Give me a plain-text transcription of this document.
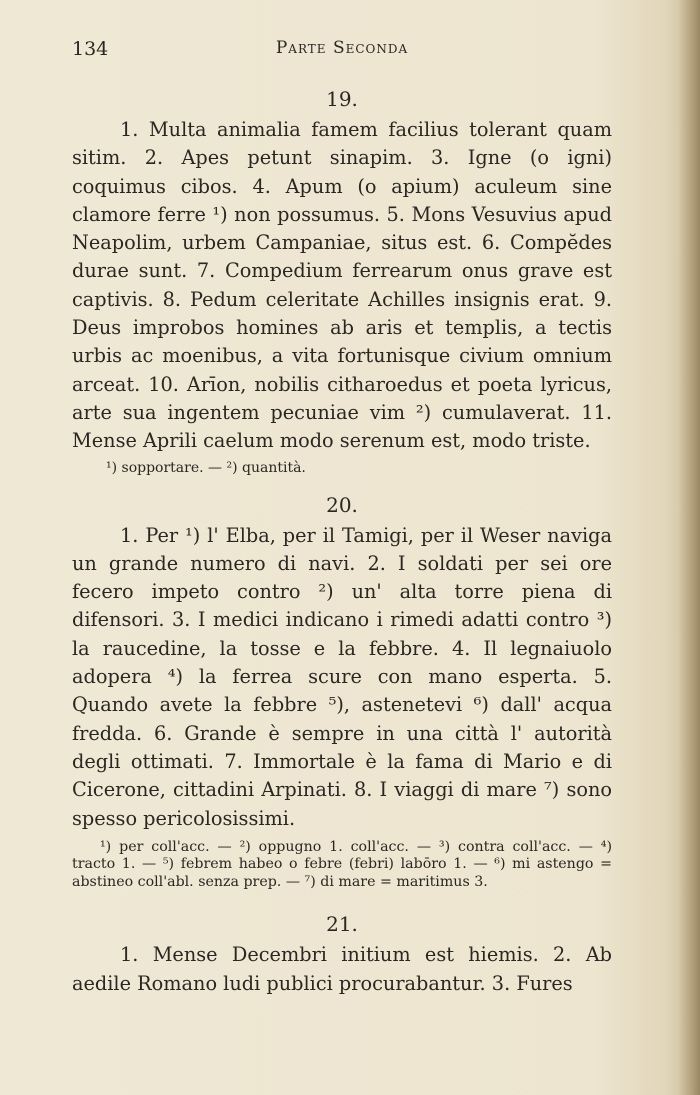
134	Parte Seconda
19.

1. Multa animalia famem facilius tolerant quam sitim. 2. Apes petunt sinapim. 3. Igne (o igni) coquimus cibos. 4. Apum (o apium) aculeum sine clamore ferre ¹) non possumus. 5. Mons Vesuvius apud Neapolim, urbem Campaniae, situs est. 6. Compĕdes durae sunt. 7. Compedium ferrearum onus grave est captivis. 8. Pedum celeritate Achilles insignis erat. 9. Deus improbos homines ab aris et templis, a tectis urbis ac moenibus, a vita fortunisque civium omnium arceat. 10. Arīon, nobilis citharoedus et poeta lyricus, arte sua ingentem pecuniae vim ²) cumulaverat. 11. Mense Aprili caelum modo serenum est, modo triste.

¹) sopportare. — ²) quantità.
20.

1. Per ¹) l' Elba, per il Tamigi, per il Weser naviga un grande numero di navi. 2. I soldati per sei ore fecero impeto contro ²) un' alta torre piena di difensori. 3. I medici indicano i rimedi adatti contro ³) la raucedine, la tosse e la febbre. 4. Il legnaiuolo adopera ⁴) la ferrea scure con mano esperta. 5. Quando avete la febbre ⁵), astenetevi ⁶) dall' acqua fredda. 6. Grande è sempre in una città l' autorità degli ottimati. 7. Immortale è la fama di Mario e di Cicerone, cittadini Arpinati. 8. I viaggi di mare ⁷) sono spesso pericolosissimi.

¹) per coll'acc. — ²) oppugno 1. coll'acc. — ³) contra coll'acc. — ⁴) tracto 1. — ⁵) febrem habeo o febre (febri) labōro 1. — ⁶) mi astengo = abstineo coll'abl. senza prep. — ⁷) di mare = maritimus 3.

21.

1. Mense Decembri initium est hiemis. 2. Ab aedile Romano ludi publici procurabantur. 3. Fures
